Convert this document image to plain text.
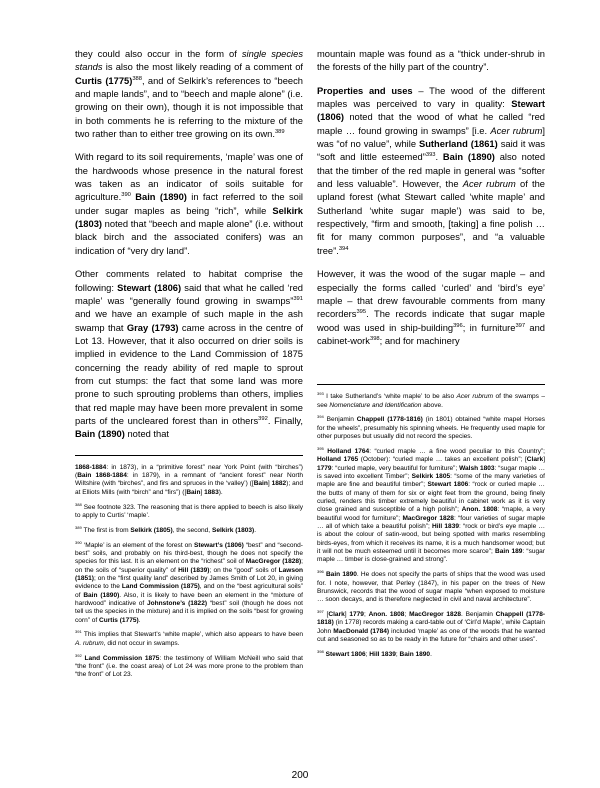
they could also occur in the form of single species stands is also the most likely reading of a comment of Curtis $(1775)^{388}$, and of Selkirk’s references to “beech and maple lands”, and to “beech and maple alone” (i.e. growing on their own), though it is not impossible that in both comments he is referring to the mixture of the two rather than to either tree growing on its own.$^{389}$

With regard to its soil requirements, ‘maple’ was one of the hardwoods whose presence in the natural forest was taken as an indicator of soils suitable for agriculture.$^{390}$ Bain (1890) in fact referred to the soil under sugar maples as being “rich”, while Selkirk (1803) noted that “beech and maple alone” (i.e. without black birch and the associated conifers) was an indication of “very dry land”.

Other comments related to habitat comprise the following: Stewart (1806) said that what he called ‘red maple’ was “generally found growing in swamps”$^{391}$ and we have an example of such maple in the ash swamp that Gray (1793) came across in the centre of Lot 13. However, that it also occurred on drier soils is implied in evidence to the Land Commission of 1875 concerning the ready ability of red maple to sprout from cut stumps: the fact that some land was more prone to such sprouting problems than others, implies that red maple may have been more prevalent in some parts of the uncleared forest than in others$^{392}$. Finally, Bain (1890) noted that

1868-1884: in 1873), in a “primitive forest” near York Point (with “birches”) (Bain 1868-1884: in 1879), in a remnant of “ancient forest” near North Wiltshire (with “birches”, and firs and spruces in the ‘valley’) ([Bain] 1882); and at Elliots Mills (with “birch” and “firs”) ([Bain] 1883).

$^{388}$ See footnote 323. The reasoning that is there applied to beech is also likely to apply to Curtis’ ‘maple’.

$^{389}$ The first is from Selkirk (1805), the second, Selkirk (1803).

$^{390}$ ‘Maple’ is an element of the forest on Stewart’s (1806) “best” and “second-best” soils, and probably on his third-best, though he does not specify the species for this last. It is an element on the “richest” soil of MacGregor (1828); on the soils of “superior quality” of Hill (1839); on the “good” soils of Lawson (1851); on the “first quality land” described by James Smith of Lot 20, in giving evidence to the Land Commission (1875), and on the “best agricultural soils” of Bain (1890). Also, it is likely to have been an element in the “mixture of hardwood” indicative of Johnstone’s (1822) “best” soil (though he does not tell us the species in the mixture) and it is implied on the soils “best for growing corn” of Curtis (1775).

$^{391}$ This implies that Stewart’s ‘white maple’, which also appears to have been A. rubrum, did not occur in swamps.

$^{392}$ Land Commission 1875: the testimony of William McNeill who said that “the front” (i.e. the coast area) of Lot 24 was more prone to the problem than “the front” of Lot 23.

mountain maple was found as a “thick under-shrub in the forests of the hilly part of the country”.

Properties and uses – The wood of the different maples was perceived to vary in quality: Stewart (1806) noted that the wood of what he called “red maple … found growing in swamps” [i.e. Acer rubrum] was “of no value”, while Sutherland (1861) said it was “soft and little esteemed”$^{393}$. Bain (1890) also noted that the timber of the red maple in general was “softer and less valuable”. However, the Acer rubrum of the upland forest (what Stewart called ‘white maple’ and Sutherland ‘white sugar maple’) was said to be, respectively, “firm and smooth, [taking] a fine polish … fit for many common purposes”, and “a valuable tree”.$^{394}$

However, it was the wood of the sugar maple – and especially the forms called ‘curled’ and ‘bird’s eye’ maple – that drew favourable comments from many recorders$^{395}$. The records indicate that sugar maple wood was used in ship-building$^{396}$; in furniture$^{397}$ and cabinet-work$^{398}$; and for machinery

$^{393}$ I take Sutherland’s ‘white maple’ to be also Acer rubrum of the swamps – see Nomenclature and Identification above.

$^{394}$ Benjamin Chappell (1778-1816) (in 1801) obtained “white mapel Horses for the wheels”, presumably his spinning wheels. He frequently used maple for other purposes but usually did not record the species.

$^{395}$ Holland 1764: “curled maple … a fine wood peculiar to this Country”; Holland 1765 (October): “curled maple … takes an excellent polish”; [Clark] 1779: “curled maple, very beautiful for furniture”; Walsh 1803: “sugar maple … is saved into excellent Timber”; Selkirk 1805: “some of the many varieties of maple are fine and beautiful timber”; Stewart 1806: “rock or curled maple … the butts of many of them for six or eight feet from the ground, being finely curled, renders this timber extremely beautiful in cabinet work as it is very close grained and susceptible of a high polish”; Anon. 1808: “maple, a very beautiful wood for furniture”; MacGregor 1828: “four varieties of sugar maple … all of which take a beautiful polish”; Hill 1839: “rock or bird’s eye maple … is about the colour of satin-wood, but being spotted with marks resembling birds-eyes, from which it receives its name, it is a much handsomer wood; but it will not be much esteemed until it becomes more scarce”; Bain 189: “sugar maple … timber is close-grained and strong”.

$^{396}$ Bain 1890. He does not specify the parts of ships that the wood was used for. I note, however, that Perley (1847), in his paper on the trees of New Brunswick, records that the wood of sugar maple “when exposed to moisture … soon decays, and is therefore neglected in civil and naval architecture”.

$^{397}$ [Clark] 1779; Anon. 1808; MacGregor 1828. Benjamin Chappell (1778-1818) (in 1778) records making a card-table out of ‘Cirl’d Maple’, while Captain John MacDonald (1784) included ‘maple’ as one of the woods that he wanted cut and seasoned so as to be ready in the future for “chairs and other uses”.

$^{398}$ Stewart 1806; Hill 1839; Bain 1890.

200
